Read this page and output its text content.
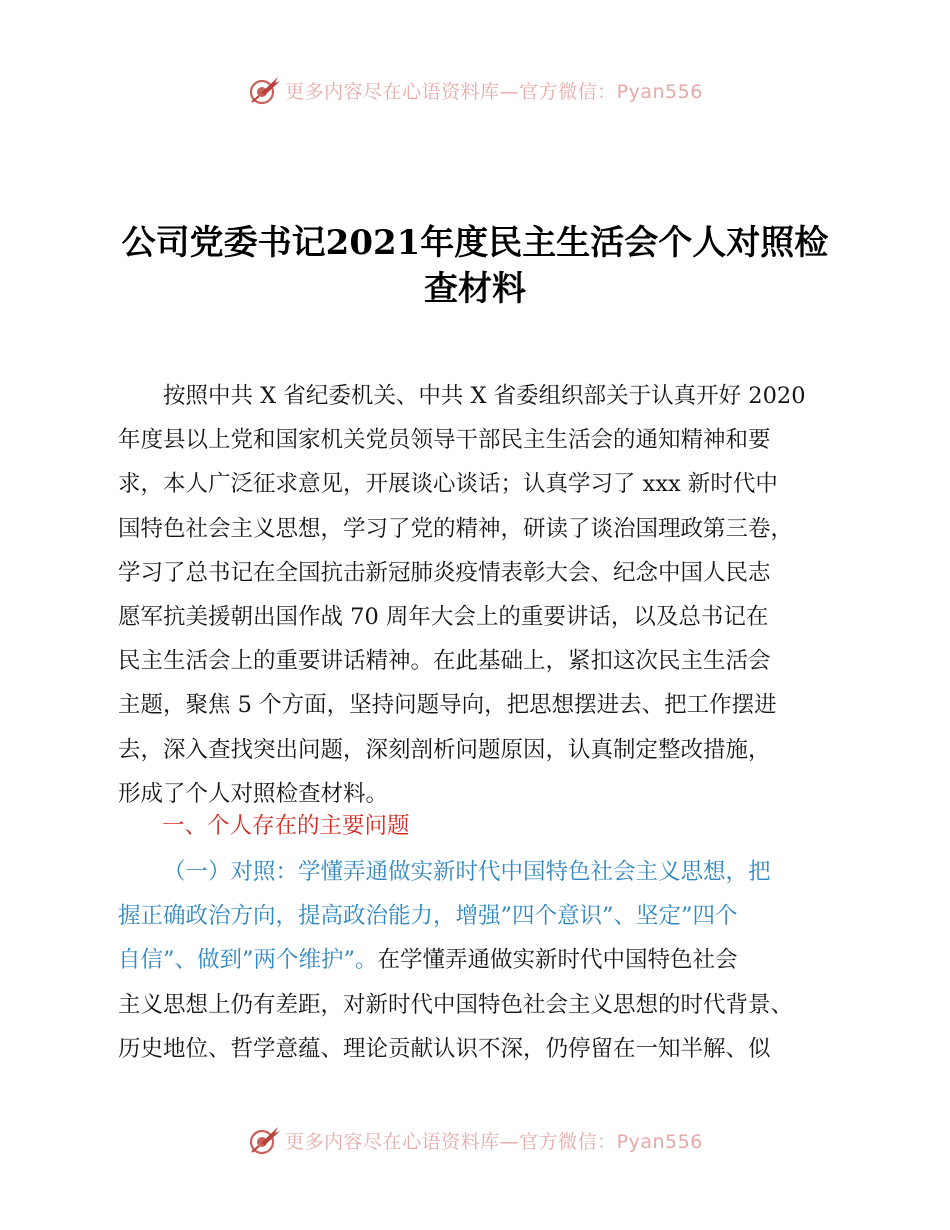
更多内容尽在心语资料库—官方微信：Pyan556
公司党委书记2021年度民主生活会个人对照检
查材料
按照中共 X 省纪委机关、中共 X 省委组织部关于认真开好 2020
年度县以上党和国家机关党员领导干部民主生活会的通知精神和要
求，本人广泛征求意见，开展谈心谈话；认真学习了 xxx 新时代中
国特色社会主义思想，学习了党的精神，研读了谈治国理政第三卷，
学习了总书记在全国抗击新冠肺炎疫情表彰大会、纪念中国人民志
愿军抗美援朝出国作战 70 周年大会上的重要讲话，以及总书记在
民主生活会上的重要讲话精神。在此基础上，紧扣这次民主生活会
主题，聚焦 5 个方面，坚持问题导向，把思想摆进去、把工作摆进
去，深入查找突出问题，深刻剖析问题原因，认真制定整改措施，
形成了个人对照检查材料。
一、个人存在的主要问题
（一）对照：学懂弄通做实新时代中国特色社会主义思想，把
握正确政治方向，提高政治能力，增强”四个意识”、坚定”四个
自信”、做到”两个维护”。在学懂弄通做实新时代中国特色社会
主义思想上仍有差距，对新时代中国特色社会主义思想的时代背景、
历史地位、哲学意蕴、理论贡献认识不深，仍停留在一知半解、似
更多内容尽在心语资料库—官方微信：Pyan556
